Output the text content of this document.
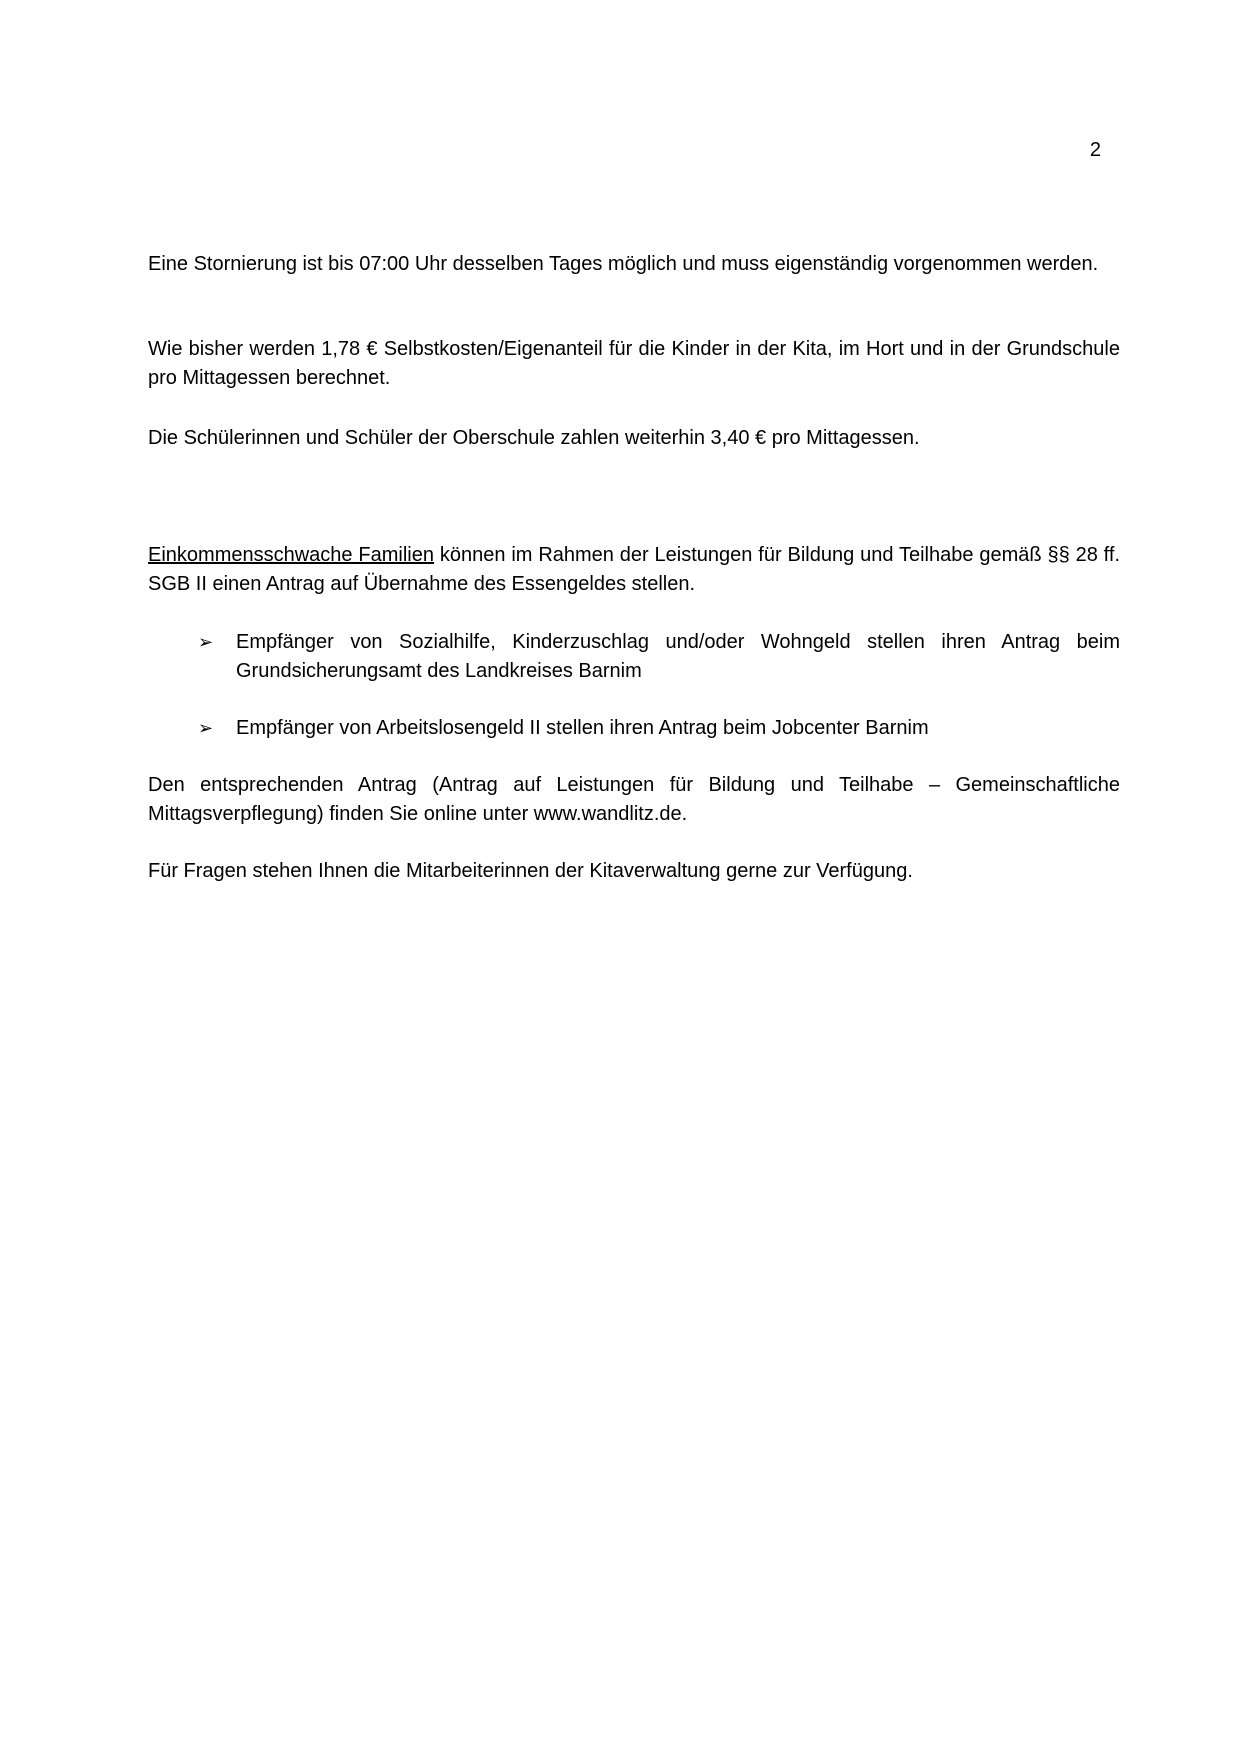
2

Eine Stornierung ist bis 07:00 Uhr desselben Tages möglich und muss eigenständig vorgenommen werden.

Wie bisher werden 1,78 € Selbstkosten/Eigenanteil für die Kinder in der Kita, im Hort und in der Grundschule pro Mittagessen berechnet.

Die Schülerinnen und Schüler der Oberschule zahlen weiterhin 3,40 € pro Mittagessen.

Einkommensschwache Familien können im Rahmen der Leistungen für Bildung und Teilhabe gemäß §§ 28 ff. SGB II einen Antrag auf Übernahme des Essengeldes stellen.

➢ Empfänger von Sozialhilfe, Kinderzuschlag und/oder Wohngeld stellen ihren Antrag beim Grundsicherungsamt des Landkreises Barnim

➢ Empfänger von Arbeitslosengeld II stellen ihren Antrag beim Jobcenter Barnim

Den entsprechenden Antrag (Antrag auf Leistungen für Bildung und Teilhabe – Gemeinschaftliche Mittagsverpflegung) finden Sie online unter www.wandlitz.de.

Für Fragen stehen Ihnen die Mitarbeiterinnen der Kitaverwaltung gerne zur Verfügung.
